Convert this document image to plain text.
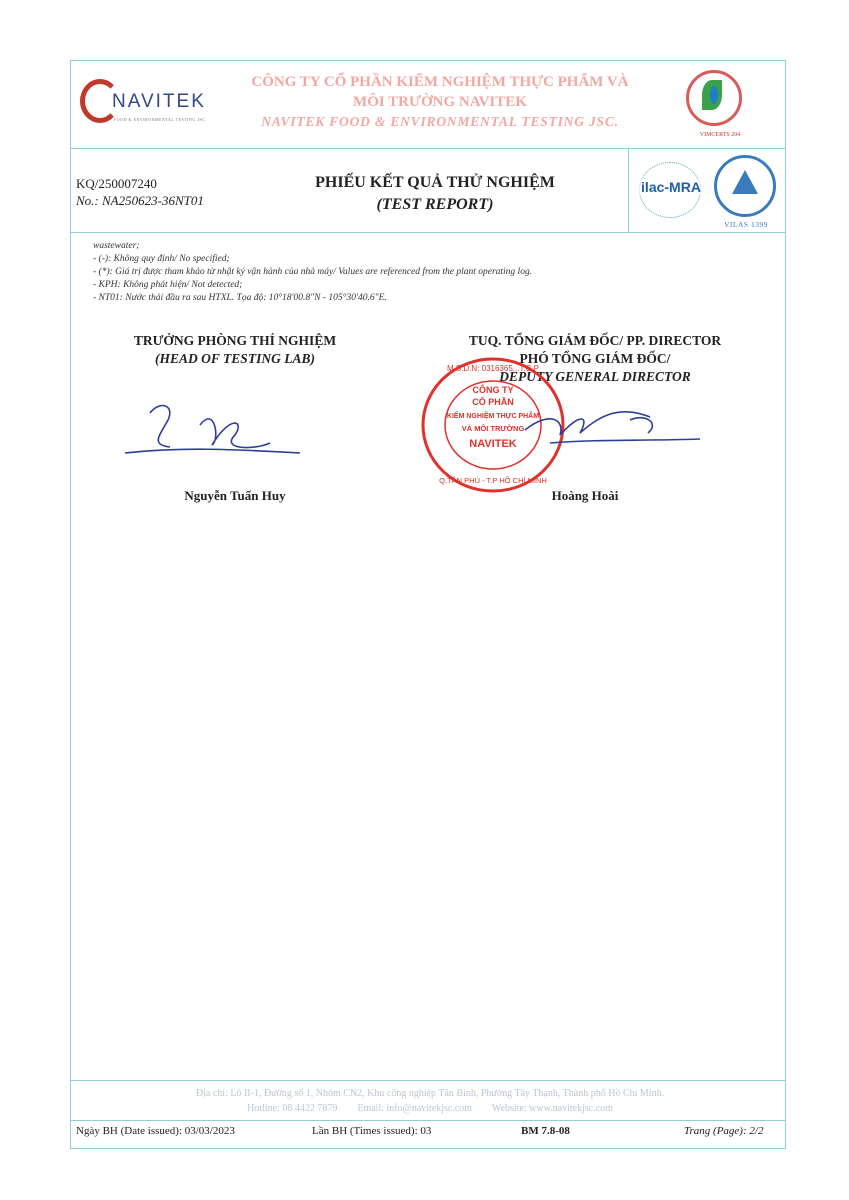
NAVITEK
FOOD & ENVIRONMENTAL TESTING JSC.
CÔNG TY CỔ PHẦN KIỂM NGHIỆM THỰC PHẨM VÀ
MÔI TRƯỜNG NAVITEK
NAVITEK FOOD & ENVIRONMENTAL TESTING JSC.
VIMCERTS 204
KQ/250007240
No.: NA250623-36NT01
PHIẾU KẾT QUẢ THỬ NGHIỆM
(TEST REPORT)
ilac-MRA
VILAS 1399
wastewater;
- (-): Không quy định/ No specified;
- (*): Giá trị được tham khảo từ nhật ký vận hành của nhà máy/ Values are referenced from the plant operating log.
- KPH: Không phát hiện/ Not detected;
- NT01: Nước thải đầu ra sau HTXL. Tọa độ: 10°18'00.8"N - 105°30'40.6"E.
TRƯỞNG PHÒNG THÍ NGHIỆM
(HEAD OF TESTING LAB)
TUQ. TỔNG GIÁM ĐỐC/ PP. DIRECTOR
PHÓ TỔNG GIÁM ĐỐC/
DEPUTY GENERAL DIRECTOR
M.S.D.N: 0316365...T.C.P
CÔNG TY
CỔ PHẦN
KIỂM NGHIỆM THỰC PHẨM
VÀ MÔI TRƯỜNG
NAVITEK
Q.TÂN PHÚ - T.P HỒ CHÍ MINH
Nguyễn Tuấn Huy	Hoàng Hoài
Địa chỉ: Lô II-1, Đường số 1, Nhóm CN2, Khu công nghiệp Tân Bình, Phường Tây Thạnh, Thành phố Hồ Chí Minh.
Hotline: 08 4422 7879 Email: info@navitekjsc.com Website: www.navitekjsc.com
Ngày BH (Date issued): 03/03/2023	Lần BH (Times issued): 03	BM 7.8-08	Trang (Page): 2/2
